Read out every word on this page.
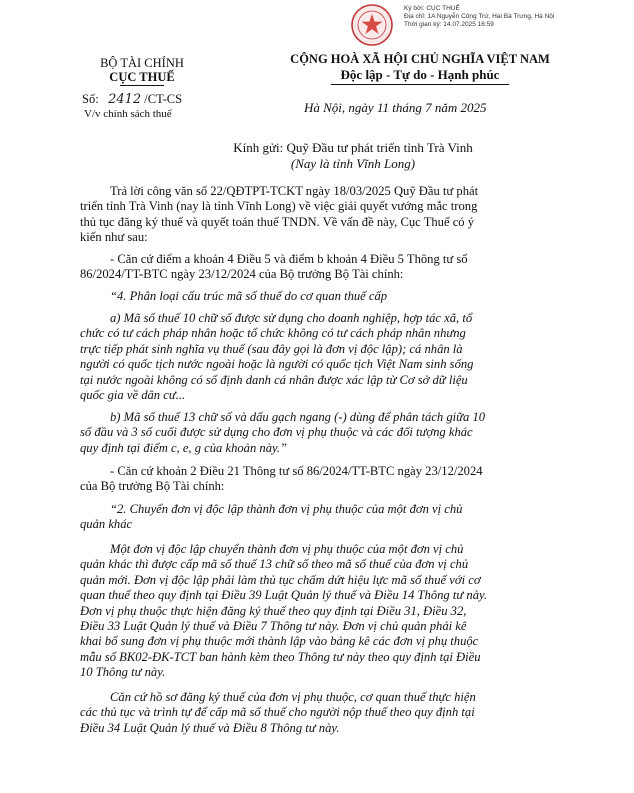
Ký bởi: CỤC THUẾ
Địa chỉ: 1A Nguyễn Công Trứ, Hai Bà Trưng, Hà Nội
Thời gian ký: 14.07.2025 16:59
BỘ TÀI CHÍNH
CỤC THUẾ
Số: 2412 /CT-CS
V/v chính sách thuế
CỘNG HOÀ XÃ HỘI CHỦ NGHĨA VIỆT NAM
Độc lập - Tự do - Hạnh phúc
Hà Nội, ngày 11 tháng 7 năm 2025
Kính gửi: Quỹ Đầu tư phát triển tỉnh Trà Vinh
(Nay là tỉnh Vĩnh Long)
Trả lời công văn số 22/QĐTPT-TCKT ngày 18/03/2025 Quỹ Đầu tư phát
triển tỉnh Trà Vinh (nay là tỉnh Vĩnh Long) về việc giải quyết vướng mắc trong
thủ tục đăng ký thuế và quyết toán thuế TNDN. Về vấn đề này, Cục Thuế có ý
kiến như sau:
- Căn cứ điểm a khoản 4 Điều 5 và điểm b khoản 4 Điều 5 Thông tư số
86/2024/TT-BTC ngày 23/12/2024 của Bộ trưởng Bộ Tài chính:
“4. Phân loại cấu trúc mã số thuế do cơ quan thuế cấp
a) Mã số thuế 10 chữ số được sử dụng cho doanh nghiệp, hợp tác xã, tổ
chức có tư cách pháp nhân hoặc tổ chức không có tư cách pháp nhân nhưng
trực tiếp phát sinh nghĩa vụ thuế (sau đây gọi là đơn vị độc lập); cá nhân là
người có quốc tịch nước ngoài hoặc là người có quốc tịch Việt Nam sinh sống
tại nước ngoài không có số định danh cá nhân được xác lập từ Cơ sở dữ liệu
quốc gia về dân cư...
b) Mã số thuế 13 chữ số và dấu gạch ngang (-) dùng để phân tách giữa 10
số đầu và 3 số cuối được sử dụng cho đơn vị phụ thuộc và các đối tượng khác
quy định tại điểm c, e, g của khoản này.”
- Căn cứ khoản 2 Điều 21 Thông tư số 86/2024/TT-BTC ngày 23/12/2024
của Bộ trưởng Bộ Tài chính:
“2. Chuyển đơn vị độc lập thành đơn vị phụ thuộc của một đơn vị chủ
quản khác
Một đơn vị độc lập chuyển thành đơn vị phụ thuộc của một đơn vị chủ
quản khác thì được cấp mã số thuế 13 chữ số theo mã số thuế của đơn vị chủ
quản mới. Đơn vị độc lập phải làm thủ tục chấm dứt hiệu lực mã số thuế với cơ
quan thuế theo quy định tại Điều 39 Luật Quản lý thuế và Điều 14 Thông tư này.
Đơn vị phụ thuộc thực hiện đăng ký thuế theo quy định tại Điều 31, Điều 32,
Điều 33 Luật Quản lý thuế và Điều 7 Thông tư này. Đơn vị chủ quản phải kê
khai bổ sung đơn vị phụ thuộc mới thành lập vào bảng kê các đơn vị phụ thuộc
mẫu số BK02-ĐK-TCT ban hành kèm theo Thông tư này theo quy định tại Điều
10 Thông tư này.
Căn cứ hồ sơ đăng ký thuế của đơn vị phụ thuộc, cơ quan thuế thực hiện
các thủ tục và trình tự để cấp mã số thuế cho người nộp thuế theo quy định tại
Điều 34 Luật Quản lý thuế và Điều 8 Thông tư này.
